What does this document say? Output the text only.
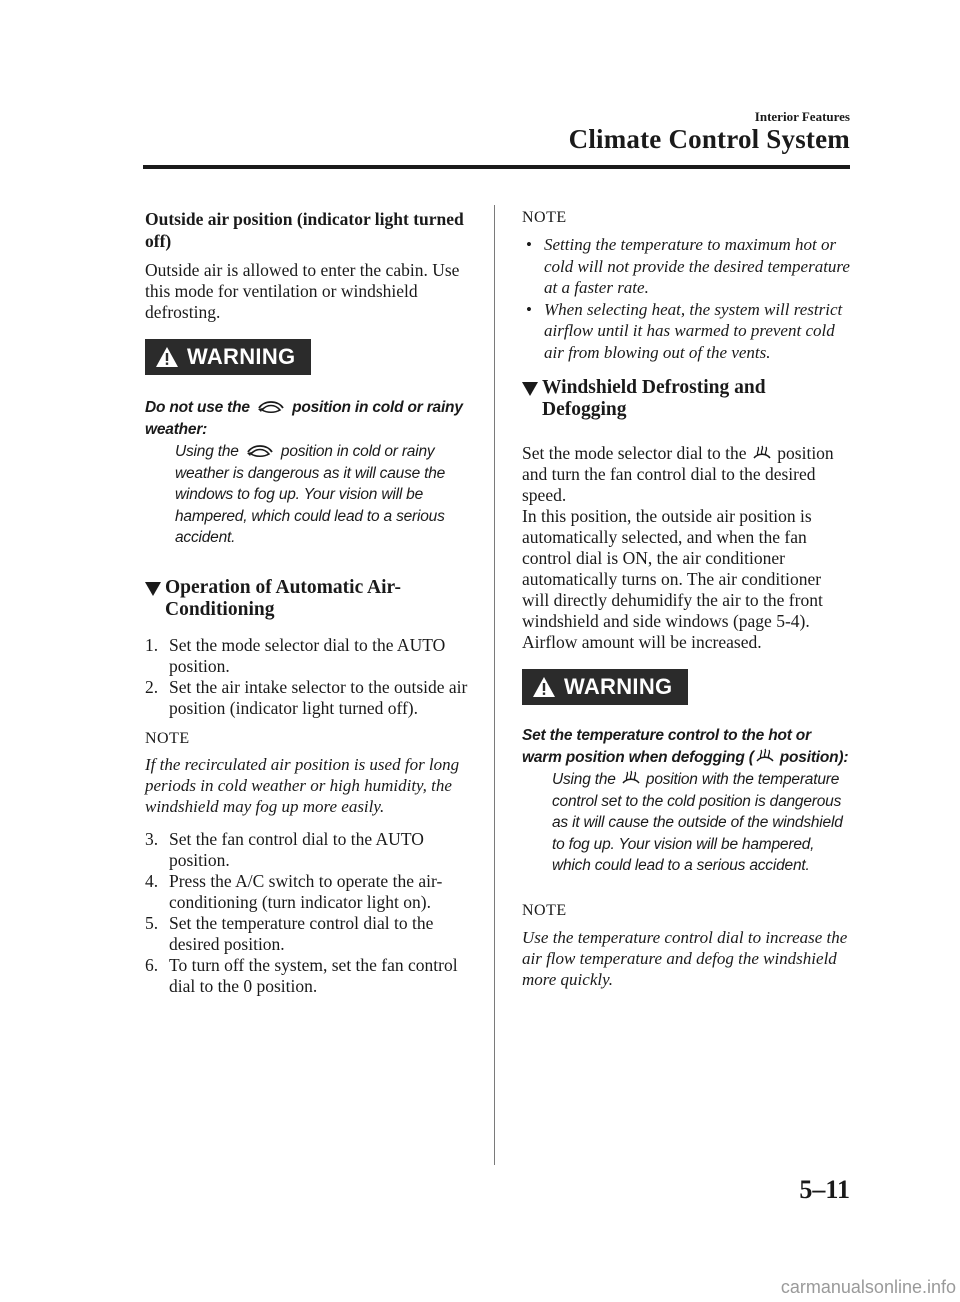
Interior Features
Climate Control System
Outside air position (indicator light turned off)

Outside air is allowed to enter the cabin. Use this mode for ventilation or windshield defrosting.

WARNING
Do not use the	position in cold or rainy weather:
Using the	position in cold or rainy weather is dangerous as it will cause the windows to fog up. Your vision will be hampered, which could lead to a serious accident.
Operation of Automatic Air-
Conditioning
1. Set the mode selector dial to the AUTO position.
2. Set the air intake selector to the outside air position (indicator light turned off).
NOTE
If the recirculated air position is used for long periods in cold weather or high humidity, the windshield may fog up more easily.
3. Set the fan control dial to the AUTO position.
4. Press the A/C switch to operate the air-conditioning (turn indicator light on).
5. Set the temperature control dial to the desired position.
6. To turn off the system, set the fan control dial to the 0 position.
NOTE
• Setting the temperature to maximum hot or cold will not provide the desired temperature at a faster rate.
• When selecting heat, the system will restrict airflow until it has warmed to prevent cold air from blowing out of the vents.
Windshield Defrosting and
Defogging

Set the mode selector dial to the position and turn the fan control dial to the desired speed.

In this position, the outside air position is automatically selected, and when the fan control dial is ON, the air conditioner automatically turns on. The air conditioner will directly dehumidify the air to the front windshield and side windows (page 5-4). Airflow amount will be increased.

WARNING
Set the temperature control to the hot or warm position when defogging ( position):
Using the position with the temperature control set to the cold position is dangerous as it will cause the outside of the windshield to fog up. Your vision will be hampered, which could lead to a serious accident.
NOTE
Use the temperature control dial to increase the air flow temperature and defog the windshield more quickly.
5–11
carmanualsonline.info
